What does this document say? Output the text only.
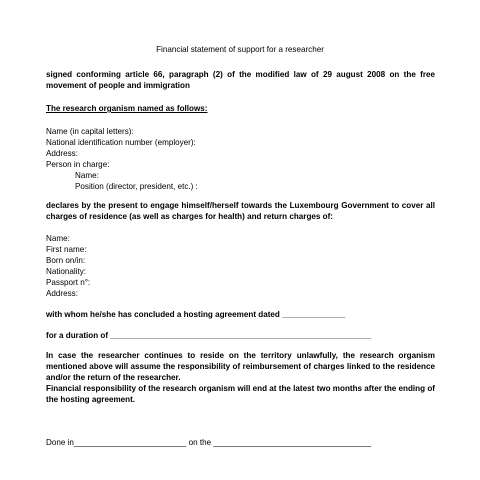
Financial statement of support for a researcher
signed conforming article 66, paragraph (2) of the modified law of 29 august 2008 on the free movement of people and immigration
The research organism named as follows:
Name (in capital letters):
National identification number (employer):
Address:
Person in charge:
Name:
Position (director, president, etc.) :
declares by the present to engage himself/herself towards the Luxembourg Government to cover all charges of residence (as well as charges for health) and return charges of:
Name:
First name:
Born on/in:
Nationality:
Passport n°:
Address:
with whom he/she has concluded a hosting agreement dated ______________
for a duration of __________________________________________________________
In case the researcher continues to reside on the territory unlawfully, the research organism mentioned above will assume the responsibility of reimbursement of charges linked to the residence and/or the return of the researcher.
Financial responsibility of the research organism will end at the latest two months after the ending of the hosting agreement.
Done in_________________________ on the ___________________________________
